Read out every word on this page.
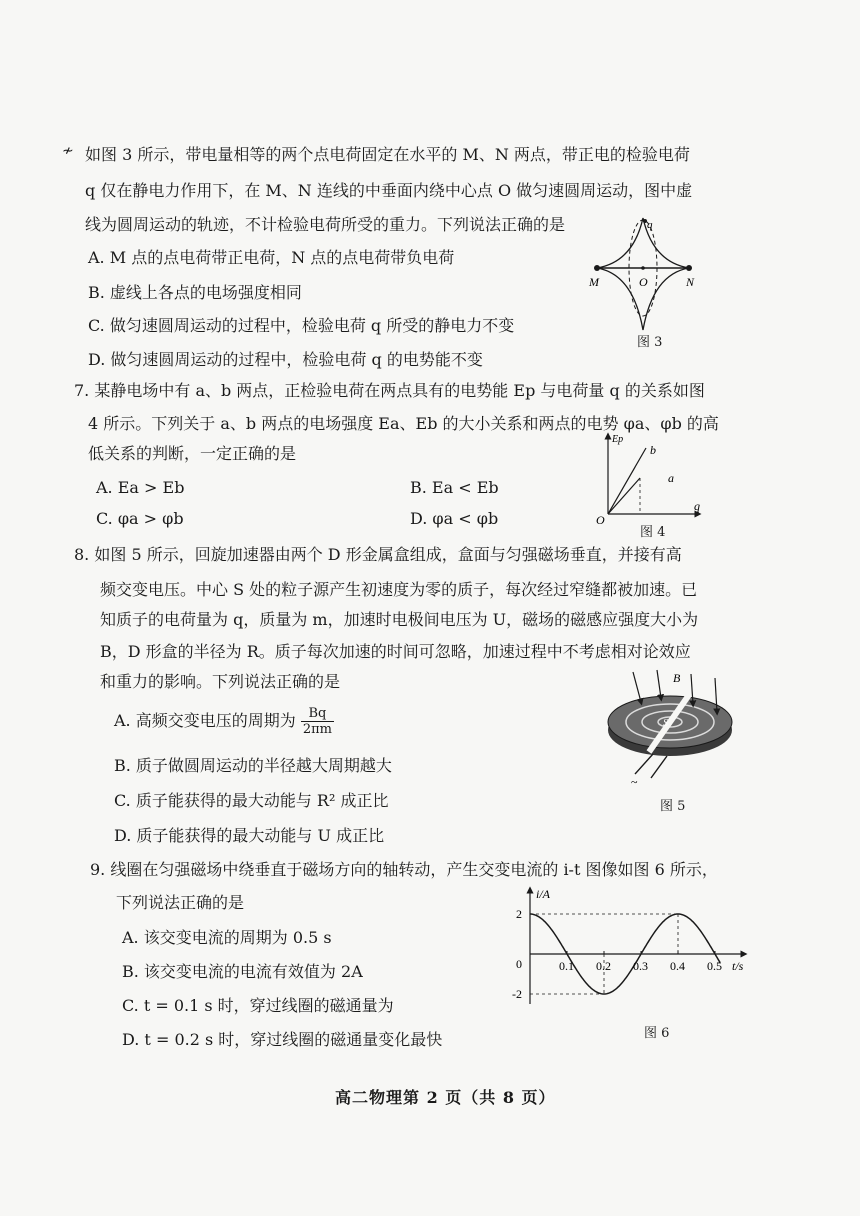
≁ 如图 3 所示，带电量相等的两个点电荷固定在水平的 M、N 两点，带正电的检验电荷
q 仅在静电力作用下，在 M、N 连线的中垂面内绕中心点 O 做匀速圆周运动，图中虚
线为圆周运动的轨迹，不计检验电荷所受的重力。下列说法正确的是
A. M 点的点电荷带正电荷，N 点的点电荷带负电荷
B. 虚线上各点的电场强度相同
C. 做匀速圆周运动的过程中，检验电荷 q 所受的静电力不变
D. 做匀速圆周运动的过程中，检验电荷 q 的电势能不变
q
M	O	N
图 3
7. 某静电场中有 a、b 两点，正检验电荷在两点具有的电势能 Ep 与电荷量 q 的关系如图
4 所示。下列关于 a、b 两点的电场强度 Ea、Eb 的大小关系和两点的电势 φa、φb 的高
低关系的判断，一定正确的是
A. Ea > Eb	B. Ea < Eb
C. φa > φb	D. φa < φb
Ep
b
a
O
q
图 4
8. 如图 5 所示，回旋加速器由两个 D 形金属盒组成，盒面与匀强磁场垂直，并接有高
频交变电压。中心 S 处的粒子源产生初速度为零的质子，每次经过窄缝都被加速。已
知质子的电荷量为 q，质量为 m，加速时电极间电压为 U，磁场的磁感应强度大小为
B，D 形盒的半径为 R。质子每次加速的时间可忽略，加速过程中不考虑相对论效应
和重力的影响。下列说法正确的是
A. 高频交变电压的周期为 $\frac{Bq}{2\pi m}$
B. 质子做圆周运动的半径越大周期越大
C. 质子能获得的最大动能与 R² 成正比
D. 质子能获得的最大动能与 U 成正比
B
S
~
图 5
9. 线圈在匀强磁场中绕垂直于磁场方向的轴转动，产生交变电流的 i-t 图像如图 6 所示，
下列说法正确的是
A. 该交变电流的周期为 0.5 s
B. 该交变电流的电流有效值为 2A
C. t = 0.1 s 时，穿过线圈的磁通量为
D. t = 0.2 s 时，穿过线圈的磁通量变化最快
i/A
t/s
0
2
-2
0.1 0.2 0.3 0.4 0.5
图 6
高二物理第 2 页（共 8 页）
